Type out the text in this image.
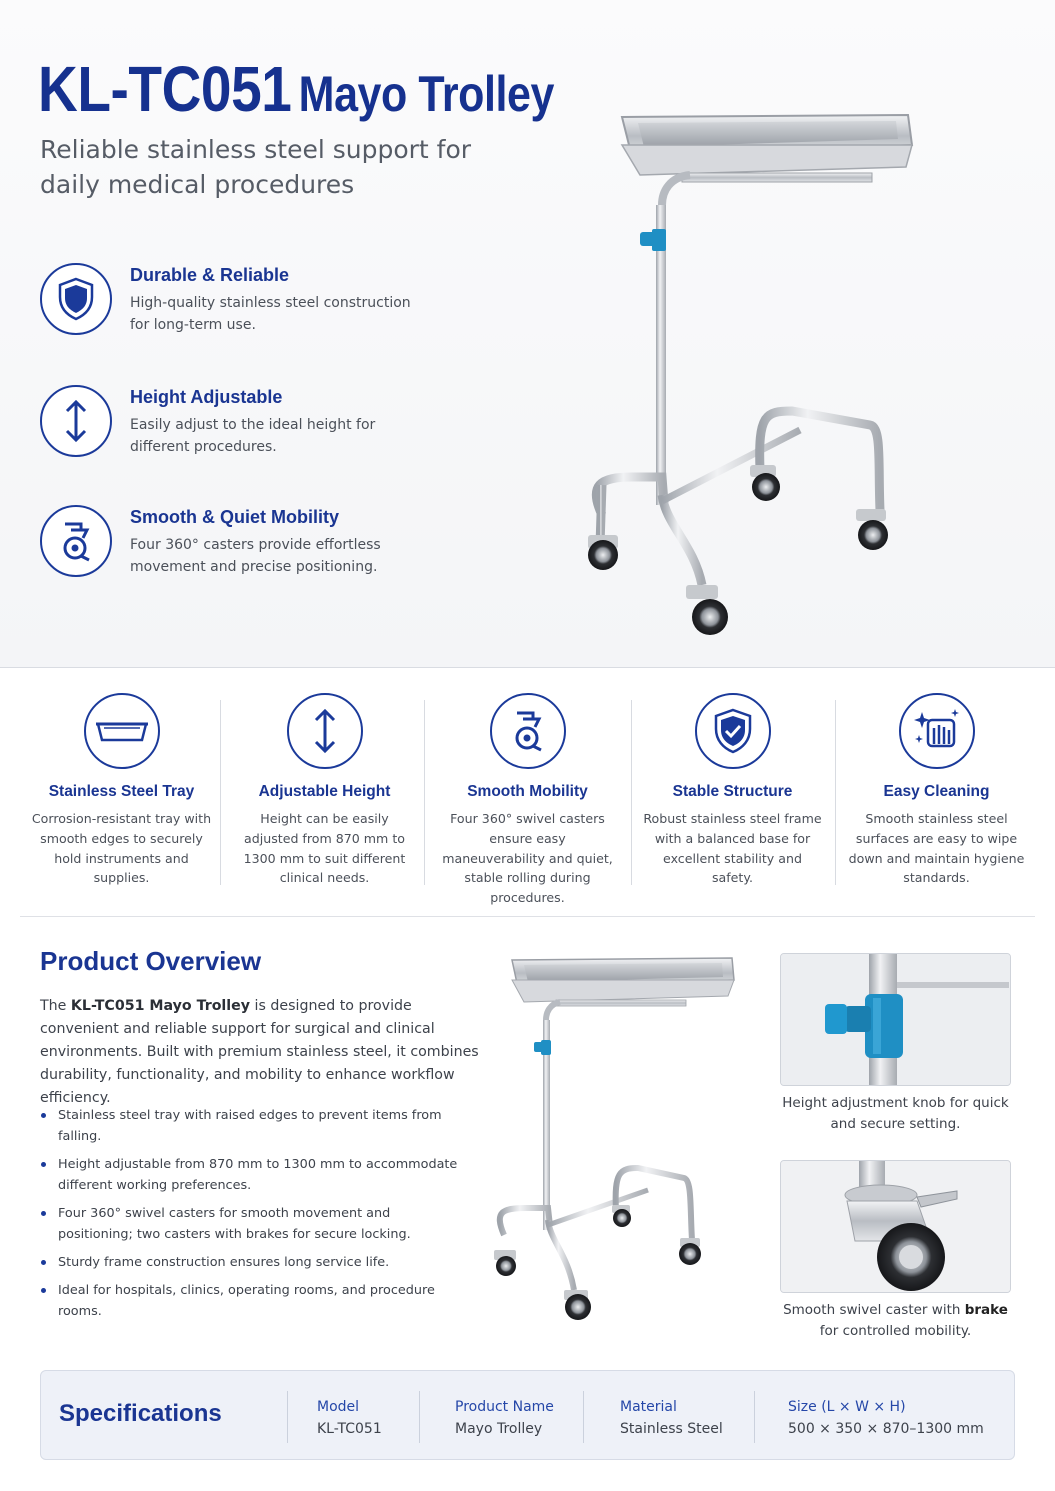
KL-TC051 Mayo Trolley

Reliable stainless steel support for daily medical procedures

Durable & Reliable
High-quality stainless steel construction for long-term use.
Height Adjustable
Easily adjust to the ideal height for different procedures.
Smooth & Quiet Mobility
Four 360° casters provide effortless movement and precise positioning.
Stainless Steel Tray
Corrosion-resistant tray with smooth edges to securely hold instruments and supplies.
Adjustable Height
Height can be easily adjusted from 870 mm to 1300 mm to suit different clinical needs.
Smooth Mobility
Four 360° swivel casters ensure easy maneuverability and quiet, stable rolling during procedures.
Stable Structure
Robust stainless steel frame with a balanced base for excellent stability and safety.
Easy Cleaning
Smooth stainless steel surfaces are easy to wipe down and maintain hygiene standards.
Product Overview

The KL-TC051 Mayo Trolley is designed to provide convenient and reliable support for surgical and clinical environments. Built with premium stainless steel, it combines durability, functionality, and mobility to enhance workflow efficiency.

Stainless steel tray with raised edges to prevent items from falling.
Height adjustable from 870 mm to 1300 mm to accommodate different working preferences.
Four 360° swivel casters for smooth movement and positioning; two casters with brakes for secure locking.
Sturdy frame construction ensures long service life.
Ideal for hospitals, clinics, operating rooms, and procedure rooms.
Height adjustment knob for quick and secure setting.
Smooth swivel caster with brake for controlled mobility.
Specifications	Model
KL-TC051
Product Name
Mayo Trolley
Material
Stainless Steel
Size (L × W × H)
500 × 350 × 870–1300 mm
